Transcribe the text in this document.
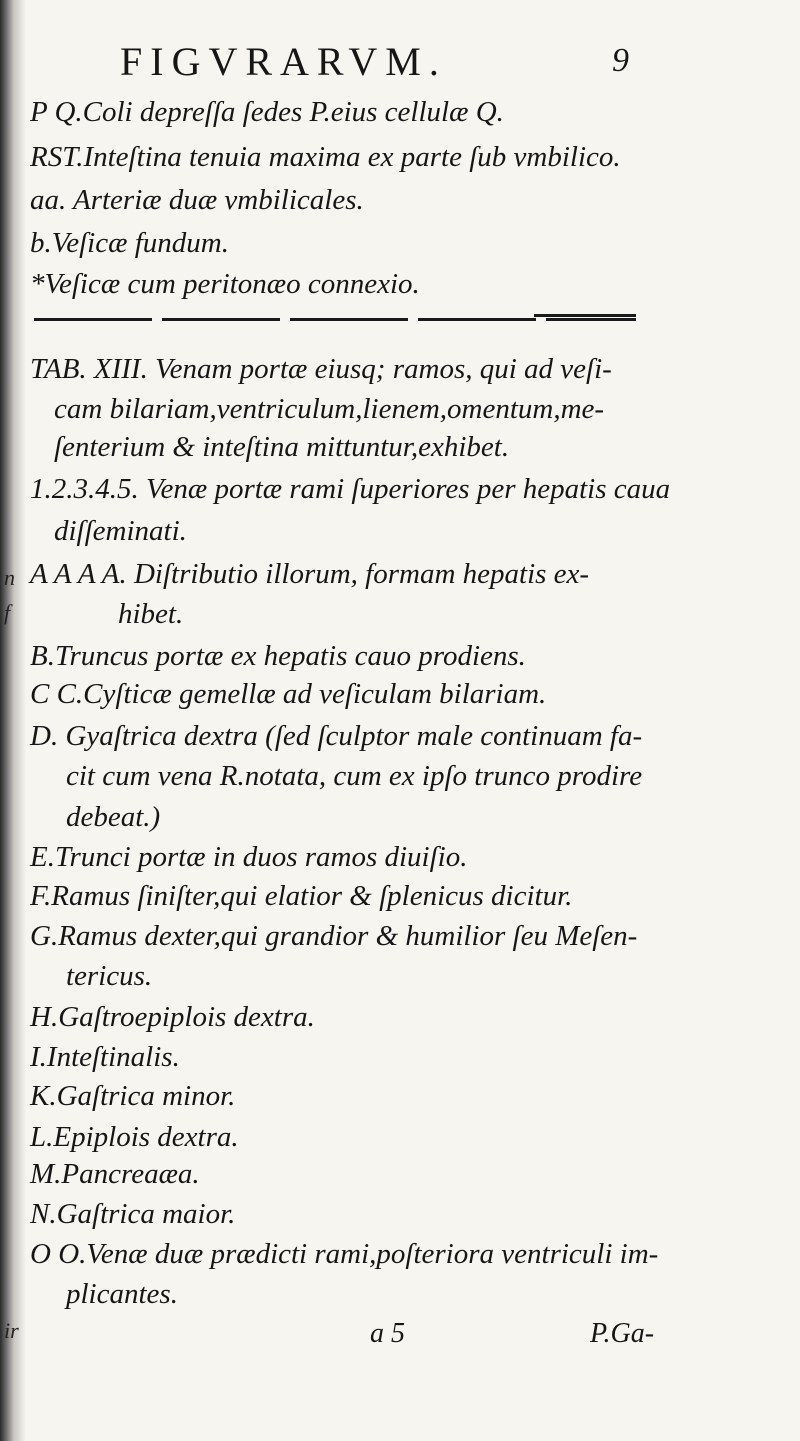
n
f
ir
FIGVRARVM.	9
P Q.Coli depreſſa ſedes P.eius cellulæ Q.
RST.Inteſtina tenuia maxima ex parte ſub vmbilico.
aa. Arteriæ duæ vmbilicales.
b.Veſicæ fundum.
*Veſicæ cum peritonæo connexio.
TAB. XIII. Venam portæ eiusq; ramos, qui ad veſi-
cam bilariam,ventriculum,lienem,omentum,me-
ſenterium & inteſtina mittuntur,exhibet.
1.2.3.4.5. Venæ portæ rami ſuperiores per hepatis caua
diſſeminati.
A A A A. Diſtributio illorum, formam hepatis ex-
hibet.
B.Truncus portæ ex hepatis cauo prodiens.
C C.Cyſticæ gemellæ ad veſiculam bilariam.
D. Gyaſtrica dextra (ſed ſculptor male continuam fa-
cit cum vena R.notata, cum ex ipſo trunco prodire
debeat.)
E.Trunci portæ in duos ramos diuiſio.
F.Ramus ſiniſter,qui elatior & ſplenicus dicitur.
G.Ramus dexter,qui grandior & humilior ſeu Meſen-
tericus.
H.Gaſtroepiplois dextra.
I.Inteſtinalis.
K.Gaſtrica minor.
L.Epiplois dextra.
M.Pancreaæa.
N.Gaſtrica maior.
O O.Venæ duæ prædicti rami,poſteriora ventriculi im-
plicantes.
a 5	P.Ga-
